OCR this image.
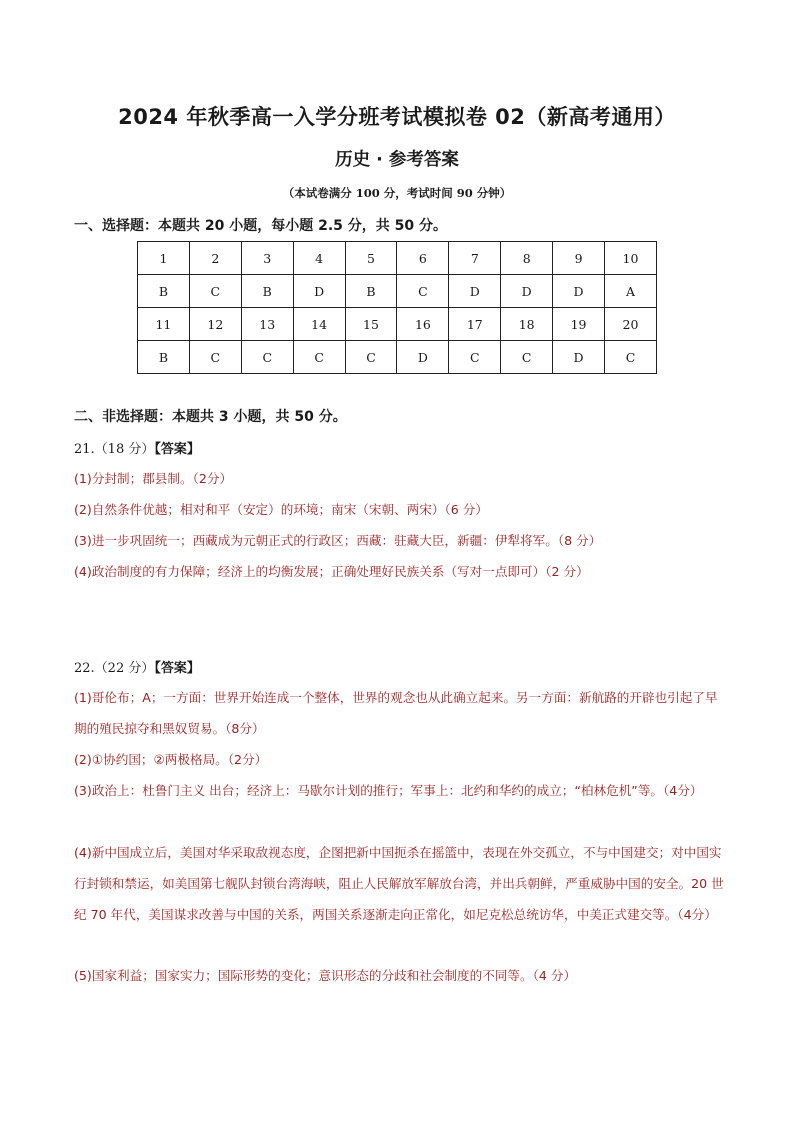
2024 年秋季高一入学分班考试模拟卷 02（新高考通用）
历史 · 参考答案
（本试卷满分 100 分，考试时间 90 分钟）
一、选择题：本题共 20 小题，每小题 2.5 分，共 50 分。
1	2	3	4	5	6	7	8	9	10
B	C	B	D	B	C	D	D	D	A
11	12	13	14	15	16	17	18	19	20
B	C	C	C	C	D	C	C	D	C
二、非选择题：本题共 3 小题，共 50 分。
21.（18 分）【答案】
(1)分封制；郡县制。（2分）
(2)自然条件优越；相对和平（安定）的环境；南宋（宋朝、两宋）（6 分）
(3)进一步巩固统一；西藏成为元朝正式的行政区；西藏：驻藏大臣，新疆：伊犁将军。（8 分）
(4)政治制度的有力保障；经济上的均衡发展；正确处理好民族关系（写对一点即可）（2 分）
22.（22 分）【答案】
(1)哥伦布；A；一方面：世界开始连成一个整体，世界的观念也从此确立起来。另一方面：新航路的开辟也引起了早期的殖民掠夺和黑奴贸易。（8分）
(2)①协约国；②两极格局。（2分）
(3)政治上：杜鲁门主义 出台；经济上：马歇尔计划的推行；军事上：北约和华约的成立；“柏林危机”等。（4分）
(4)新中国成立后，美国对华采取敌视态度，企图把新中国扼杀在摇篮中，表现在外交孤立，不与中国建交；对中国实行封锁和禁运，如美国第七舰队封锁台湾海峡，阻止人民解放军解放台湾，并出兵朝鲜，严重威胁中国的安全。20 世纪 70 年代，美国谋求改善与中国的关系，两国关系逐渐走向正常化，如尼克松总统访华，中美正式建交等。（4分）
(5)国家利益；国家实力；国际形势的变化；意识形态的分歧和社会制度的不同等。（4 分）
